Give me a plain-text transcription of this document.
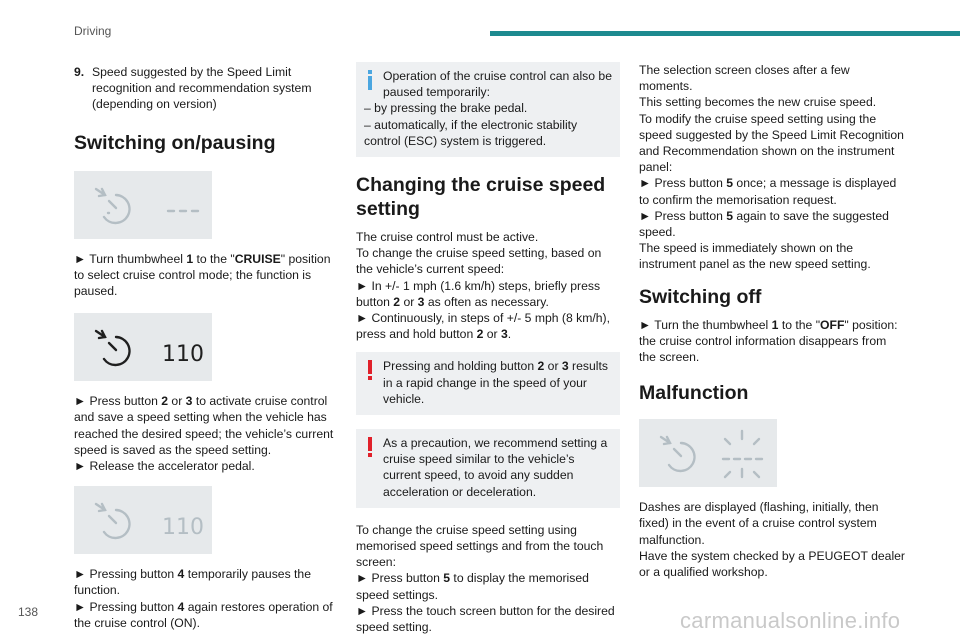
Driving
9. Speed suggested by the Speed Limit recognition and recommendation system (depending on version)
Switching on/pausing

► Turn thumbwheel 1 to the "CRUISE" position to select cruise control mode; the function is paused.

110

► Press button 2 or 3 to activate cruise control and save a speed setting when the vehicle has reached the desired speed; the vehicle’s current speed is saved as the speed setting.

► Release the accelerator pedal.

110

► Pressing button 4 temporarily pauses the function.

► Pressing button 4 again restores operation of the cruise control (ON).

Operation of the cruise control can also be paused temporarily:

– by pressing the brake pedal.

– automatically, if the electronic stability control (ESC) system is triggered.

Changing the cruise speed setting

The cruise control must be active.

To change the cruise speed setting, based on the vehicle’s current speed:

► In +/- 1 mph (1.6 km/h) steps, briefly press button 2 or 3 as often as necessary.

► Continuously, in steps of +/- 5 mph (8 km/h), press and hold button 2 or 3.

Pressing and holding button 2 or 3 results in a rapid change in the speed of your vehicle.

As a precaution, we recommend setting a cruise speed similar to the vehicle’s current speed, to avoid any sudden acceleration or deceleration.

To change the cruise speed setting using memorised speed settings and from the touch screen:

► Press button 5 to display the memorised speed settings.

► Press the touch screen button for the desired speed setting.

The selection screen closes after a few moments.

This setting becomes the new cruise speed.

To modify the cruise speed setting using the speed suggested by the Speed Limit Recognition and Recommendation shown on the instrument panel:

► Press button 5 once; a message is displayed to confirm the memorisation request.

► Press button 5 again to save the suggested speed.

The speed is immediately shown on the instrument panel as the new speed setting.

Switching off

► Turn the thumbwheel 1 to the "OFF" position: the cruise control information disappears from the screen.

Malfunction

Dashes are displayed (flashing, initially, then fixed) in the event of a cruise control system malfunction.

Have the system checked by a PEUGEOT dealer or a qualified workshop.

138	carmanualsonline.info
